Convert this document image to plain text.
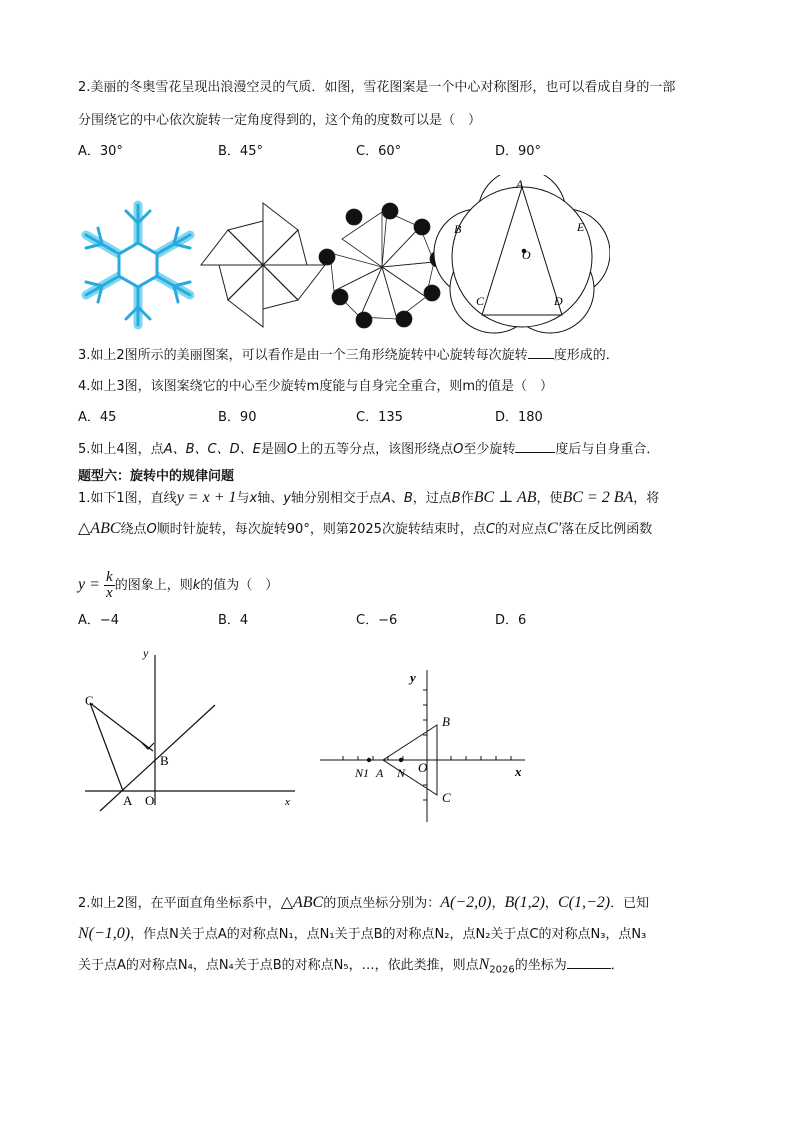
2.美丽的冬奥雪花呈现出浪漫空灵的气质．如图，雪花图案是一个中心对称图形，也可以看成自身的一部
分围绕它的中心依次旋转一定角度得到的，这个角的度数可以是（　）
A．30°	B．45°	C．60°	D．90°
A
B	E
O
C	D
3.如上2图所示的美丽图案，可以看作是由一个三角形绕旋转中心旋转每次旋转 度形成的．
4.如上3图，该图案绕它的中心至少旋转m度能与自身完全重合，则m的值是（　）
A．45	B．90	C．135	D．180
5.如上4图，点A、B、C、D、E是圆O上的五等分点，该图形绕点O至少旋转	度后与自身重合．
题型六：旋转中的规律问题
1.如下1图，直线y = x + 1与x轴、y轴分别相交于点A、B，过点B作BC ⊥ AB，使BC = 2 BA，将
△ABC绕点O顺时针旋转，每次旋转90°，则第2025次旋转结束时，点C的对应点C′落在反比例函数
$y = \frac{k}{x}$ 的图象上，则k的值为（　）
A．−4	B．4	C．−6	D．6
y
C
B
A O	x
y
B
N1 A N O	x
C
2.如上2图，在平面直角坐标系中，△ABC的顶点坐标分别为：A(−2,0)，B(1,2)，C(1,−2)．已知
N(−1,0)，作点N关于点A的对称点N₁，点N₁关于点B的对称点N₂，点N₂关于点C的对称点N₃，点N₃
关于点A的对称点N₄，点N₄关于点B的对称点N₅，…，依此类推，则点$N_{2026}$的坐标为	．
